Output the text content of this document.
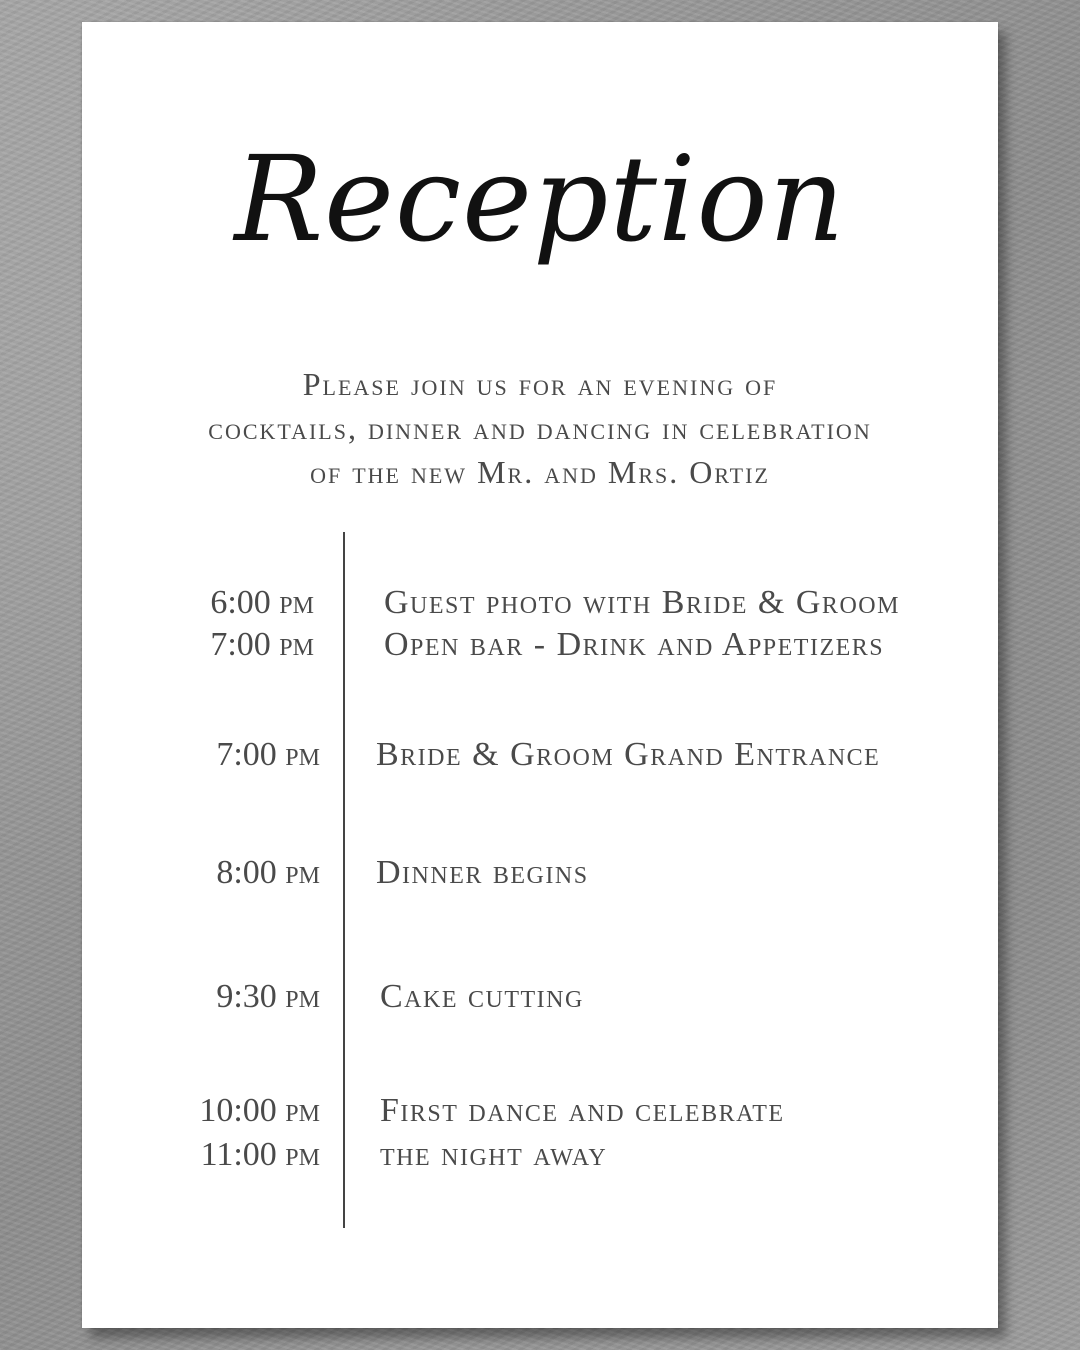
Reception
Please join us for an evening of
cocktails, dinner and dancing in celebration
of the new Mr. and Mrs. Ortiz
6:00 pm Guest photo with Bride & Groom
7:00 pm Open bar - Drink and Appetizers
7:00 pm Bride & Groom Grand Entrance
8:00 pm Dinner begins
9:30 pm Cake cutting
10:00 pm First dance and celebrate
11:00 pm the night away
